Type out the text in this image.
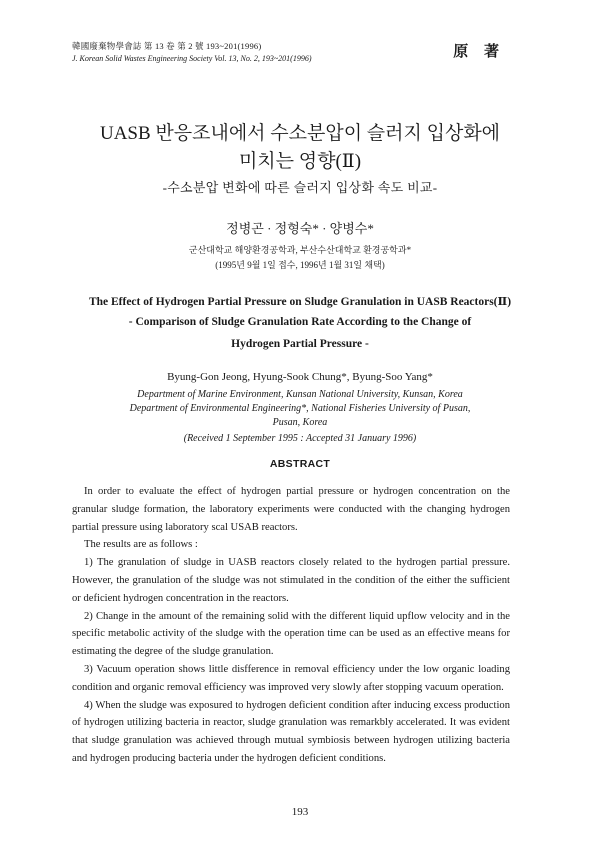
韓國廢棄物學會誌 第 13 卷 第 2 號 193~201(1996)
J. Korean Solid Wastes Engineering Society Vol. 13, No. 2, 193~201(1996)	原 著
UASB 반응조내에서 수소분압이 슬러지 입상화에
미치는 영향(Ⅱ)
-수소분압 변화에 따른 슬러지 입상화 속도 비교-
정병곤 · 정형숙* · 양병수*
군산대학교 해양환경공학과, 부산수산대학교 환경공학과*
(1995년 9월 1일 접수, 1996년 1월 31일 채택)
The Effect of Hydrogen Partial Pressure on Sludge Granulation in UASB Reactors(Ⅱ)
- Comparison of Sludge Granulation Rate According to the Change of
Hydrogen Partial Pressure -
Byung-Gon Jeong, Hyung-Sook Chung*, Byung-Soo Yang*
Department of Marine Environment, Kunsan National University, Kunsan, Korea
Department of Environmental Engineering*, National Fisheries University of Pusan,
Pusan, Korea
(Received 1 September 1995 : Accepted 31 January 1996)
ABSTRACT

In order to evaluate the effect of hydrogen partial pressure or hydrogen concentration on the granular sludge formation, the laboratory experiments were conducted with the changing hydrogen partial pressure using laboratory scal USAB reactors.

The results are as follows :

1) The granulation of sludge in UASB reactors closely related to the hydrogen partial pressure. However, the granulation of the sludge was not stimulated in the condition of the either the sufficient or deficient hydrogen concentration in the reactors.

2) Change in the amount of the remaining solid with the different liquid upflow velocity and in the specific metabolic activity of the sludge with the operation time can be used as an effective means for estimating the degree of the sludge granulation.

3) Vacuum operation shows little disfference in removal efficiency under the low organic loading condition and organic removal efficiency was improved very slowly after stopping vacuum operation.

4) When the sludge was exposured to hydrogen deficient condition after inducing excess production of hydrogen utilizing bacteria in reactor, sludge granulation was remarkbly accelerated. It was evident that sludge granulation was achieved through mutual symbiosis between hydrogen utilizing bacteria and hydrogen producing bacteria under the hydrogen deficient conditions.

193
